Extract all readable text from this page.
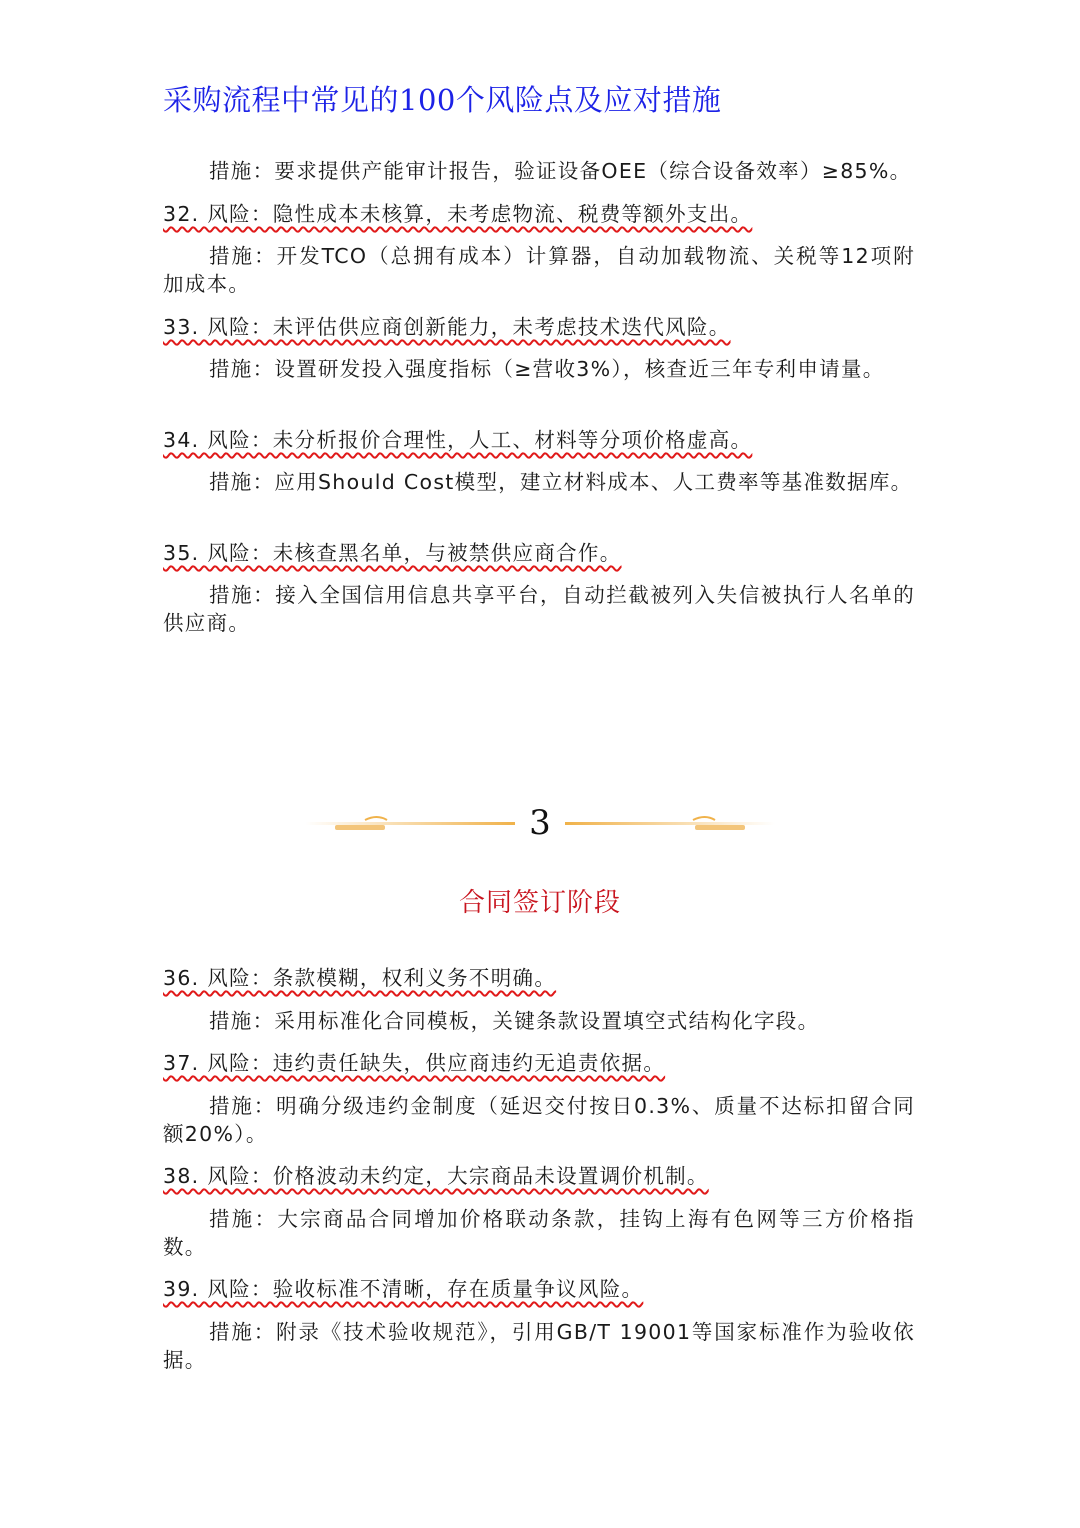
采购流程中常见的100个风险点及应对措施

措施：要求提供产能审计报告，验证设备OEE（综合设备效率）≥85%。

32. 风险：隐性成本未核算，未考虑物流、税费等额外支出。

措施：开发TCO（总拥有成本）计算器，自动加载物流、关税等12项附加成本。

33. 风险：未评估供应商创新能力，未考虑技术迭代风险。

措施：设置研发投入强度指标（≥营收3%），核查近三年专利申请量。

34. 风险：未分析报价合理性，人工、材料等分项价格虚高。

措施：应用Should Cost模型，建立材料成本、人工费率等基准数据库。

35. 风险：未核查黑名单，与被禁供应商合作。

措施：接入全国信用信息共享平台，自动拦截被列入失信被执行人名单的供应商。

3
合同签订阶段
36. 风险：条款模糊，权利义务不明确。

措施：采用标准化合同模板，关键条款设置填空式结构化字段。

37. 风险：违约责任缺失，供应商违约无追责依据。

措施：明确分级违约金制度（延迟交付按日0.3%、质量不达标扣留合同额20%）。

38. 风险：价格波动未约定，大宗商品未设置调价机制。

措施：大宗商品合同增加价格联动条款，挂钩上海有色网等三方价格指数。

39. 风险：验收标准不清晰，存在质量争议风险。

措施：附录《技术验收规范》，引用GB/T 19001等国家标准作为验收依据。
